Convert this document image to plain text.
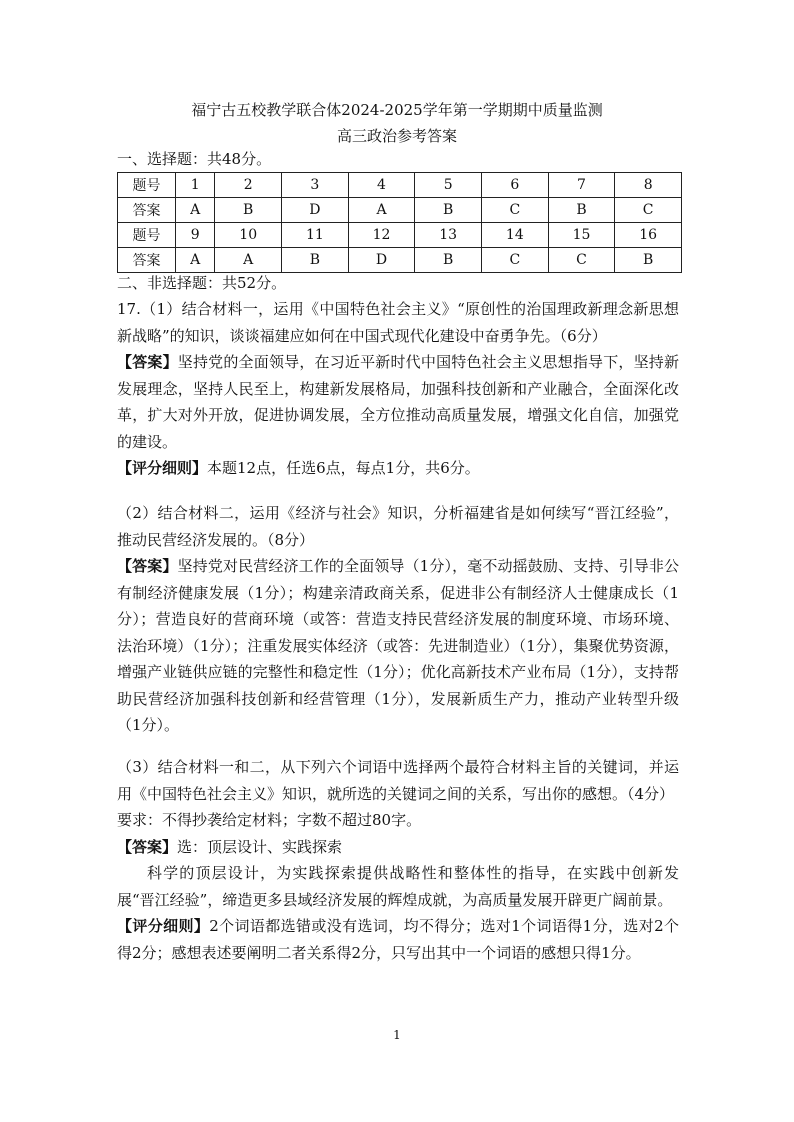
福宁古五校教学联合体2024-2025学年第一学期期中质量监测
高三政治参考答案
一、选择题：共48分。
题号	1	2	3	4	5	6	7	8
答案	A	B	D	A	B	C	B	C
题号	9	10	11	12	13	14	15	16
答案	A	A	B	D	B	C	C	B
二、非选择题：共52分。

17.（1）结合材料一，运用《中国特色社会主义》“原创性的治国理政新理念新思想新战略”的知识，谈谈福建应如何在中国式现代化建设中奋勇争先。（6分）

【答案】坚持党的全面领导，在习近平新时代中国特色社会主义思想指导下，坚持新发展理念，坚持人民至上，构建新发展格局，加强科技创新和产业融合，全面深化改革，扩大对外开放，促进协调发展，全方位推动高质量发展，增强文化自信，加强党的建设。

【评分细则】本题12点，任选6点，每点1分，共6分。

（2）结合材料二，运用《经济与社会》知识，分析福建省是如何续写“晋江经验”，推动民营经济发展的。（8分）

【答案】坚持党对民营经济工作的全面领导（1分），毫不动摇鼓励、支持、引导非公有制经济健康发展（1分）；构建亲清政商关系，促进非公有制经济人士健康成长（1分）；营造良好的营商环境（或答：营造支持民营经济发展的制度环境、市场环境、法治环境）（1分）；注重发展实体经济（或答：先进制造业）（1分），集聚优势资源，增强产业链供应链的完整性和稳定性（1分）；优化高新技术产业布局（1分），支持帮助民营经济加强科技创新和经营管理（1分），发展新质生产力，推动产业转型升级（1分）。

（3）结合材料一和二，从下列六个词语中选择两个最符合材料主旨的关键词，并运用《中国特色社会主义》知识，就所选的关键词之间的关系，写出你的感想。（4分）

要求：不得抄袭给定材料；字数不超过80字。

【答案】选：顶层设计、实践探索

科学的顶层设计，为实践探索提供战略性和整体性的指导，在实践中创新发展“晋江经验”，缔造更多县域经济发展的辉煌成就，为高质量发展开辟更广阔前景。

【评分细则】2个词语都选错或没有选词，均不得分；选对1个词语得1分，选对2个得2分；感想表述要阐明二者关系得2分，只写出其中一个词语的感想只得1分。

1
